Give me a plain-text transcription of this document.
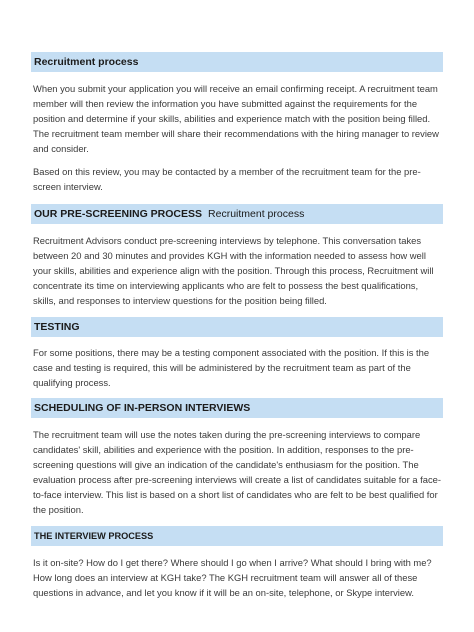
Recruitment process

When you submit your application you will receive an email confirming receipt. A recruitment team member will then review the information you have submitted against the requirements for the position and determine if your skills, abilities and experience match with the position being filled. The recruitment team member will share their recommendations with the hiring manager to review and consider.

Based on this review, you may be contacted by a member of the recruitment team for the pre-screen interview.

OUR PRE-SCREENING PROCESS Recruitment process

Recruitment Advisors conduct pre-screening interviews by telephone. This conversation takes between 20 and 30 minutes and provides KGH with the information needed to assess how well your skills, abilities and experience align with the position. Through this process, Recruitment will concentrate its time on interviewing applicants who are felt to possess the best qualifications, skills, and responses to interview questions for the position being filled.

TESTING

For some positions, there may be a testing component associated with the position. If this is the case and testing is required, this will be administered by the recruitment team as part of the qualifying process.

SCHEDULING OF IN-PERSON INTERVIEWS

The recruitment team will use the notes taken during the pre-screening interviews to compare candidates' skill, abilities and experience with the position. In addition, responses to the pre-screening questions will give an indication of the candidate's enthusiasm for the position. The evaluation process after pre-screening interviews will create a list of candidates suitable for a face-to-face interview. This list is based on a short list of candidates who are felt to be best qualified for the position.

THE INTERVIEW PROCESS

Is it on-site? How do I get there? Where should I go when I arrive? What should I bring with me? How long does an interview at KGH take? The KGH recruitment team will answer all of these questions in advance, and let you know if it will be an on-site, telephone, or Skype interview.
